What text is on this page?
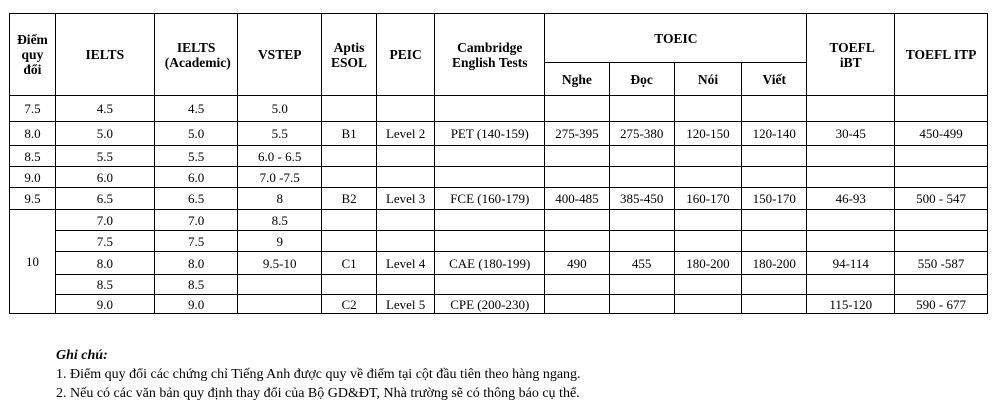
Điểm quy đổi	IELTS	IELTS (Academic)	VSTEP	Aptis ESOL	PEIC	Cambridge English Tests	TOEIC				TOEFL iBT	TOEFL ITP
							Nghe	Đọc	Nói	Viết		
7.5	4.5	4.5	5.0									
8.0	5.0	5.0	5.5	B1	Level 2	PET (140-159)	275-395	275-380	120-150	120-140	30-45	450-499
8.5	5.5	5.5	6.0 - 6.5									
9.0	6.0	6.0	7.0 -7.5									
9.5	6.5	6.5	8	B2	Level 3	FCE (160-179)	400-485	385-450	160-170	150-170	46-93	500 - 547
10	7.0	7.0	8.5									
	7.5	7.5	9									
	8.0	8.0	9.5-10	C1	Level 4	CAE (180-199)	490	455	180-200	180-200	94-114	550 -587
	8.5	8.5										
	9.0	9.0		C2	Level 5	CPE (200-230)					115-120	590 - 677
Ghi chú:
1. Điểm quy đổi các chứng chỉ Tiếng Anh được quy về điểm tại cột đầu tiên theo hàng ngang.
2. Nếu có các văn bản quy định thay đổi của Bộ GD&ĐT, Nhà trường sẽ có thông báo cụ thể.
